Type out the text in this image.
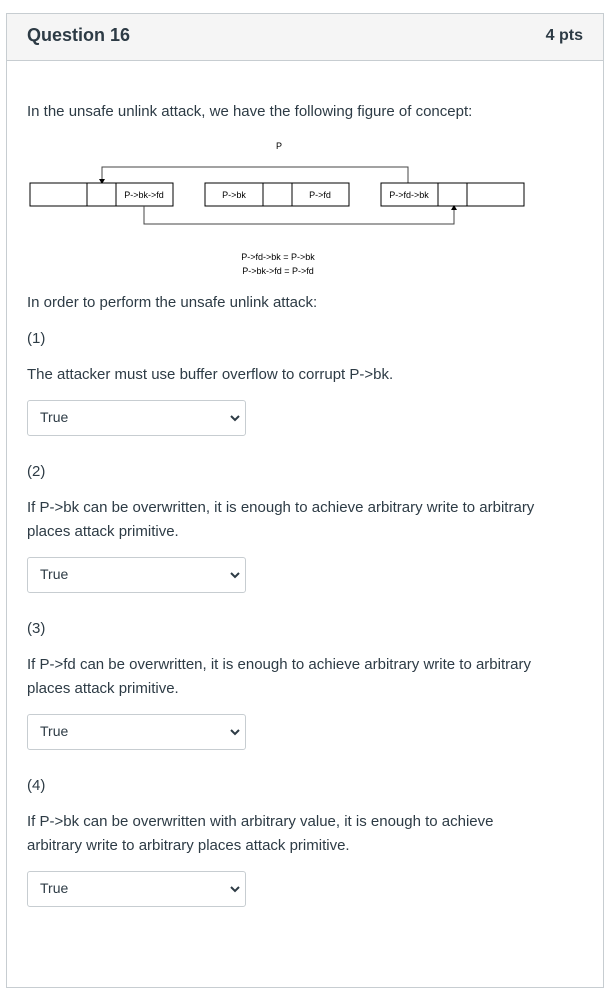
Question 16	4 pts
In the unsafe unlink attack, we have the following figure of concept:
P
P->bk->fd	P->bk	P->fd	P->fd->bk
P->fd->bk = P->bk
P->bk->fd = P->fd
In order to perform the unsafe unlink attack:
(1)
The attacker must use buffer overflow to corrupt P->bk.
True
(2)
If P->bk can be overwritten, it is enough to achieve arbitrary write to arbitrary places attack primitive.
True
(3)
If P->fd can be overwritten, it is enough to achieve arbitrary write to arbitrary places attack primitive.
True
(4)
If P->bk can be overwritten with arbitrary value, it is enough to achieve arbitrary write to arbitrary places attack primitive.
True
